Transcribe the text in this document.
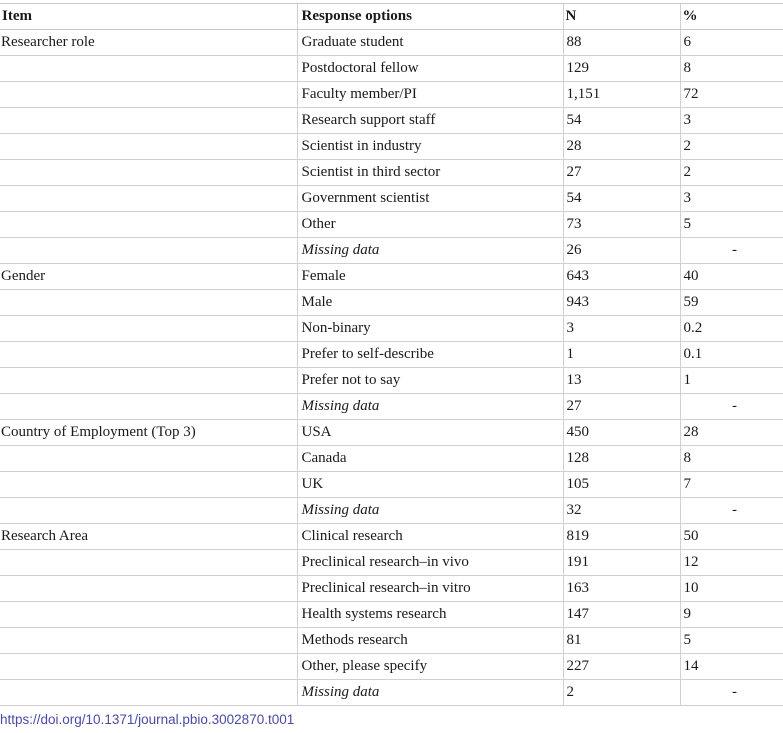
Item	Response options	N	%
Researcher role	Graduate student	88	6
	Postdoctoral fellow	129	8
	Faculty member/PI	1,151	72
	Research support staff	54	3
	Scientist in industry	28	2
	Scientist in third sector	27	2
	Government scientist	54	3
	Other	73	5
	Missing data	26	-
Gender	Female	643	40
	Male	943	59
	Non-binary	3	0.2
	Prefer to self-describe	1	0.1
	Prefer not to say	13	1
	Missing data	27	-
Country of Employment (Top 3)	USA	450	28
	Canada	128	8
	UK	105	7
	Missing data	32	-
Research Area	Clinical research	819	50
	Preclinical research–in vivo	191	12
	Preclinical research–in vitro	163	10
	Health systems research	147	9
	Methods research	81	5
	Other, please specify	227	14
	Missing data	2	-
https://doi.org/10.1371/journal.pbio.3002870.t001
